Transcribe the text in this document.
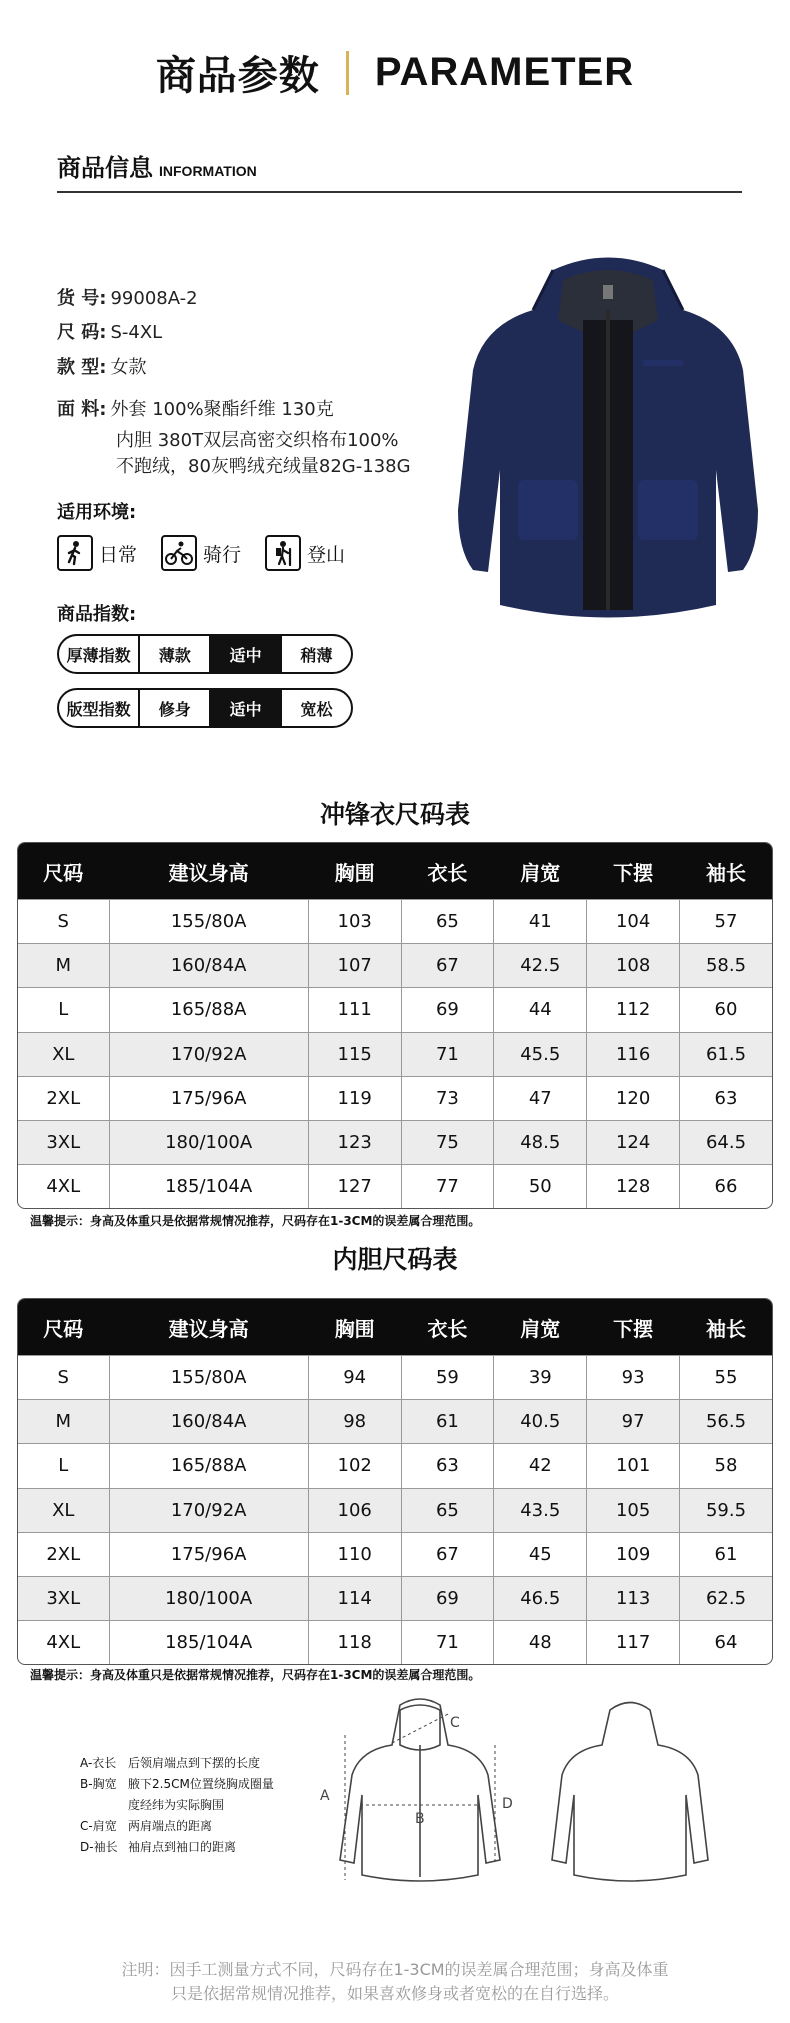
商品参数 PARAMETER
商品信息 INFORMATION
货 号: 99008A-2
尺 码: S-4XL
款 型: 女款
面 料: 外套 100%聚酯纤维 130克
内胆 380T双层高密交织格布100%
不跑绒，80灰鸭绒充绒量82G-138G
适用环境:
日常	骑行	登山
商品指数:
厚薄指数	薄款	适中	稍薄
版型指数	修身	适中	宽松
冲锋衣尺码表
尺码	建议身高	胸围	衣长	肩宽	下摆	袖长
S	155/80A	103	65	41	104	57
M	160/84A	107	67	42.5	108	58.5
L	165/88A	111	69	44	112	60
XL	170/92A	115	71	45.5	116	61.5
2XL	175/96A	119	73	47	120	63
3XL	180/100A	123	75	48.5	124	64.5
4XL	185/104A	127	77	50	128	66
温馨提示：身高及体重只是依据常规情况推荐，尺码存在1-3CM的误差属合理范围。
内胆尺码表
尺码	建议身高	胸围	衣长	肩宽	下摆	袖长
S	155/80A	94	59	39	93	55
M	160/84A	98	61	40.5	97	56.5
L	165/88A	102	63	42	101	58
XL	170/92A	106	65	43.5	105	59.5
2XL	175/96A	110	67	45	109	61
3XL	180/100A	114	69	46.5	113	62.5
4XL	185/104A	118	71	48	117	64
温馨提示：身高及体重只是依据常规情况推荐，尺码存在1-3CM的误差属合理范围。
A-衣长 后领肩端点到下摆的长度
B-胸宽 腋下2.5CM位置绕胸成圈量
度经纬为实际胸围
C-肩宽 两肩端点的距离
D-袖长 袖肩点到袖口的距离
A
B
C
D
注明：因手工测量方式不同，尺码存在1-3CM的误差属合理范围；身高及体重
只是依据常规情况推荐，如果喜欢修身或者宽松的在自行选择。
